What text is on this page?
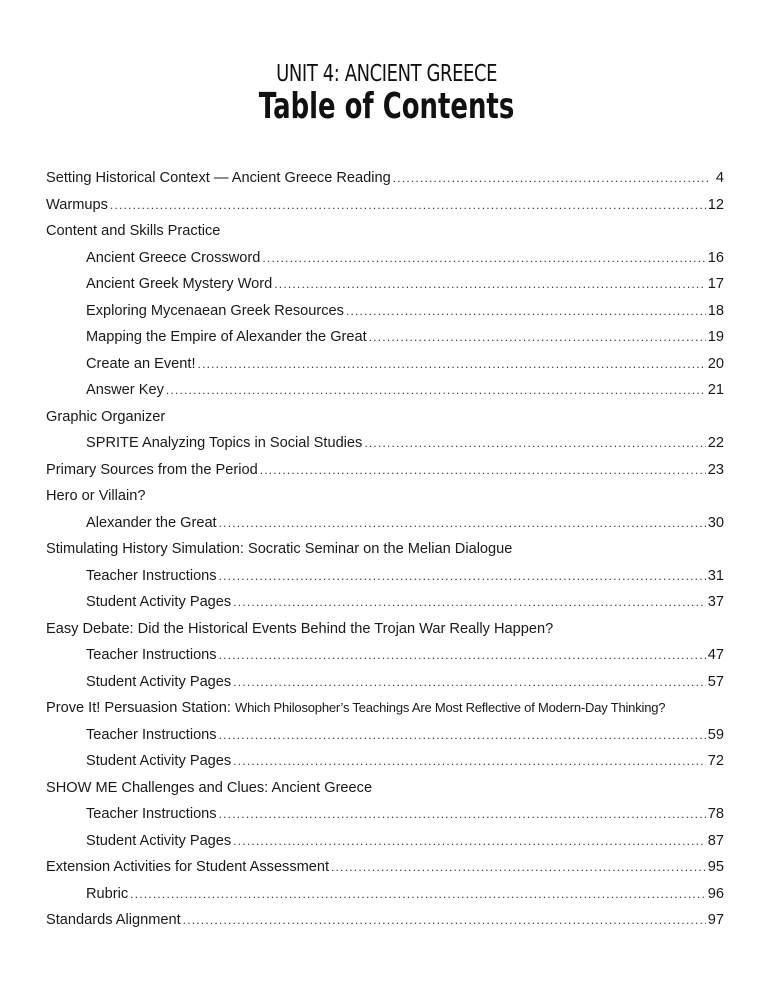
UNIT 4: ANCIENT GREECE
Table of Contents
Setting Historical Context — Ancient Greece Reading .....	4
Warmups .....	12
Content and Skills Practice
Ancient Greece Crossword .....	16
Ancient Greek Mystery Word .....	17
Exploring Mycenaean Greek Resources .....	18
Mapping the Empire of Alexander the Great .....	19
Create an Event! .....	20
Answer Key .....	21
Graphic Organizer
SPRITE Analyzing Topics in Social Studies .....	22
Primary Sources from the Period .....	23
Hero or Villain?
Alexander the Great .....	30
Stimulating History Simulation: Socratic Seminar on the Melian Dialogue
Teacher Instructions .....	31
Student Activity Pages .....	37
Easy Debate: Did the Historical Events Behind the Trojan War Really Happen?
Teacher Instructions .....	47
Student Activity Pages .....	57
Prove It! Persuasion Station: Which Philosopher’s Teachings Are Most Reflective of Modern-Day Thinking?
Teacher Instructions .....	59
Student Activity Pages .....	72
SHOW ME Challenges and Clues: Ancient Greece
Teacher Instructions .....	78
Student Activity Pages .....	87
Extension Activities for Student Assessment .....	95
Rubric .....	96
Standards Alignment .....	97
